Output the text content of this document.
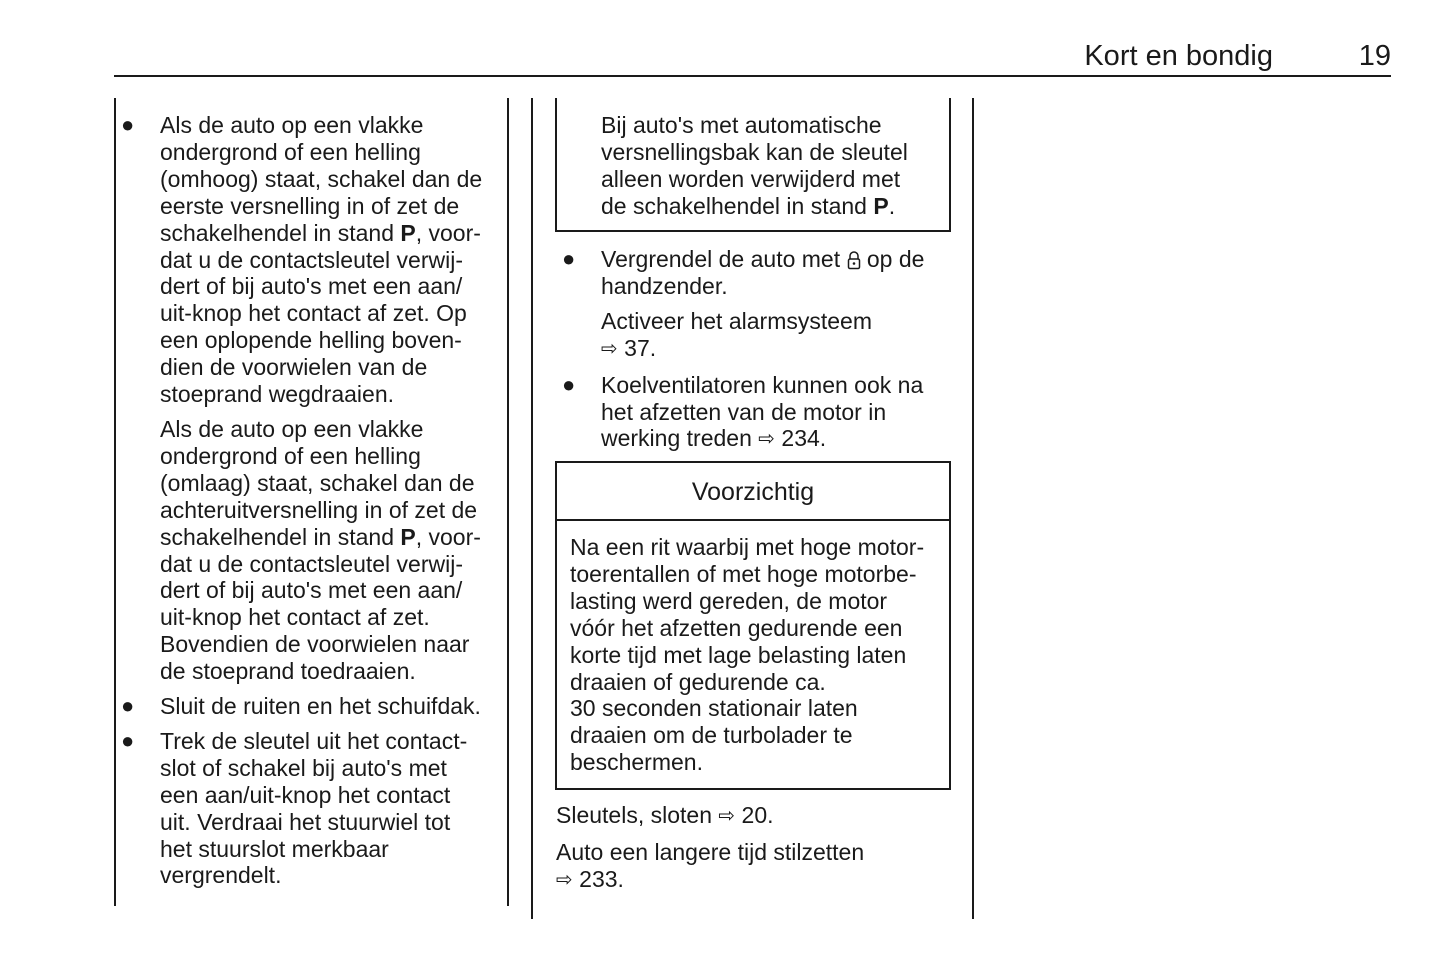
Kort en bondig	19
● Als de auto op een vlakke
ondergrond of een helling
(omhoog) staat, schakel dan de
eerste versnelling in of zet de
schakelhendel in stand P, voor-
dat u de contactsleutel verwij-
dert of bij auto's met een aan/
uit-knop het contact af zet. Op
een oplopende helling boven-
dien de voorwielen van de
stoeprand wegdraaien.

Als de auto op een vlakke
ondergrond of een helling
(omlaag) staat, schakel dan de
achteruitversnelling in of zet de
schakelhendel in stand P, voor-
dat u de contactsleutel verwij-
dert of bij auto's met een aan/
uit-knop het contact af zet.
Bovendien de voorwielen naar
de stoeprand toedraaien.

● Sluit de ruiten en het schuifdak.

● Trek de sleutel uit het contact-
slot of schakel bij auto's met
een aan/uit-knop het contact
uit. Verdraai het stuurwiel tot
het stuurslot merkbaar
vergrendelt.

Bij auto's met automatische
versnellingsbak kan de sleutel
alleen worden verwijderd met
de schakelhendel in stand P.

● Vergrendel de auto met
op de
handzender.

Activeer het alarmsysteem
⇨ 37.

● Koelventilatoren kunnen ook na
het afzetten van de motor in
werking treden ⇨ 234.

Voorzichtig
Na een rit waarbij met hoge motor-
toerentallen of met hoge motorbe-
lasting werd gereden, de motor
vóór het afzetten gedurende een
korte tijd met lage belasting laten
draaien of gedurende ca.
30 seconden stationair laten
draaien om de turbolader te
beschermen.

Sleutels, sloten ⇨ 20.

Auto een langere tijd stilzetten
⇨ 233.
